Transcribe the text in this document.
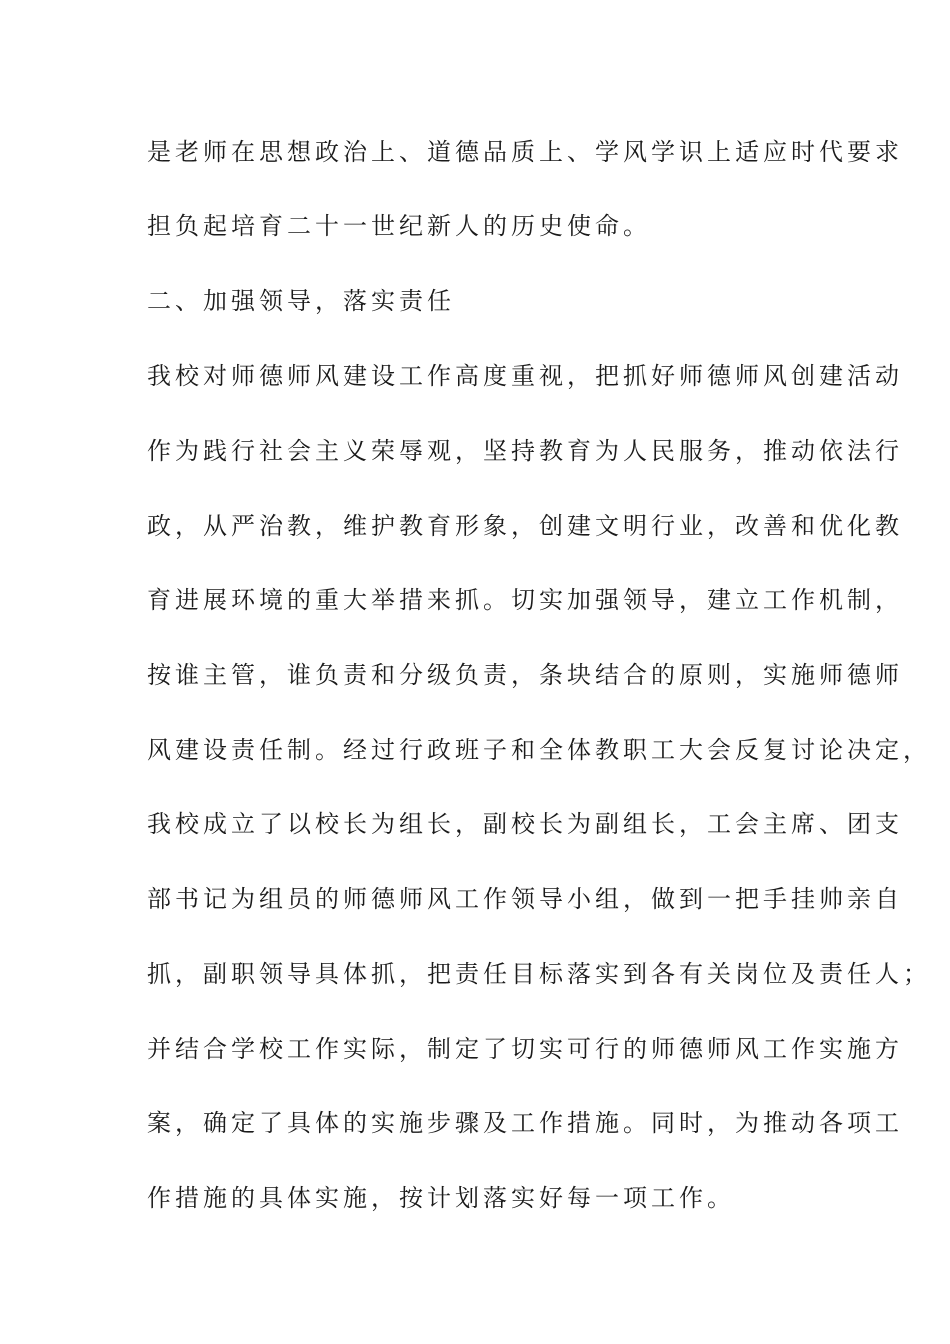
是老师在思想政治上、道德品质上、学风学识上适应时代要求
担负起培育二十一世纪新人的历史使命。
二、加强领导，落实责任
我校对师德师风建设工作高度重视，把抓好师德师风创建活动
作为践行社会主义荣辱观，坚持教育为人民服务，推动依法行
政，从严治教，维护教育形象，创建文明行业，改善和优化教
育进展环境的重大举措来抓。切实加强领导，建立工作机制，
按谁主管，谁负责和分级负责，条块结合的原则，实施师德师
风建设责任制。经过行政班子和全体教职工大会反复讨论决定，
我校成立了以校长为组长，副校长为副组长，工会主席、团支
部书记为组员的师德师风工作领导小组，做到一把手挂帅亲自
抓，副职领导具体抓，把责任目标落实到各有关岗位及责任人；
并结合学校工作实际，制定了切实可行的师德师风工作实施方
案，确定了具体的实施步骤及工作措施。同时，为推动各项工
作措施的具体实施，按计划落实好每一项工作。
